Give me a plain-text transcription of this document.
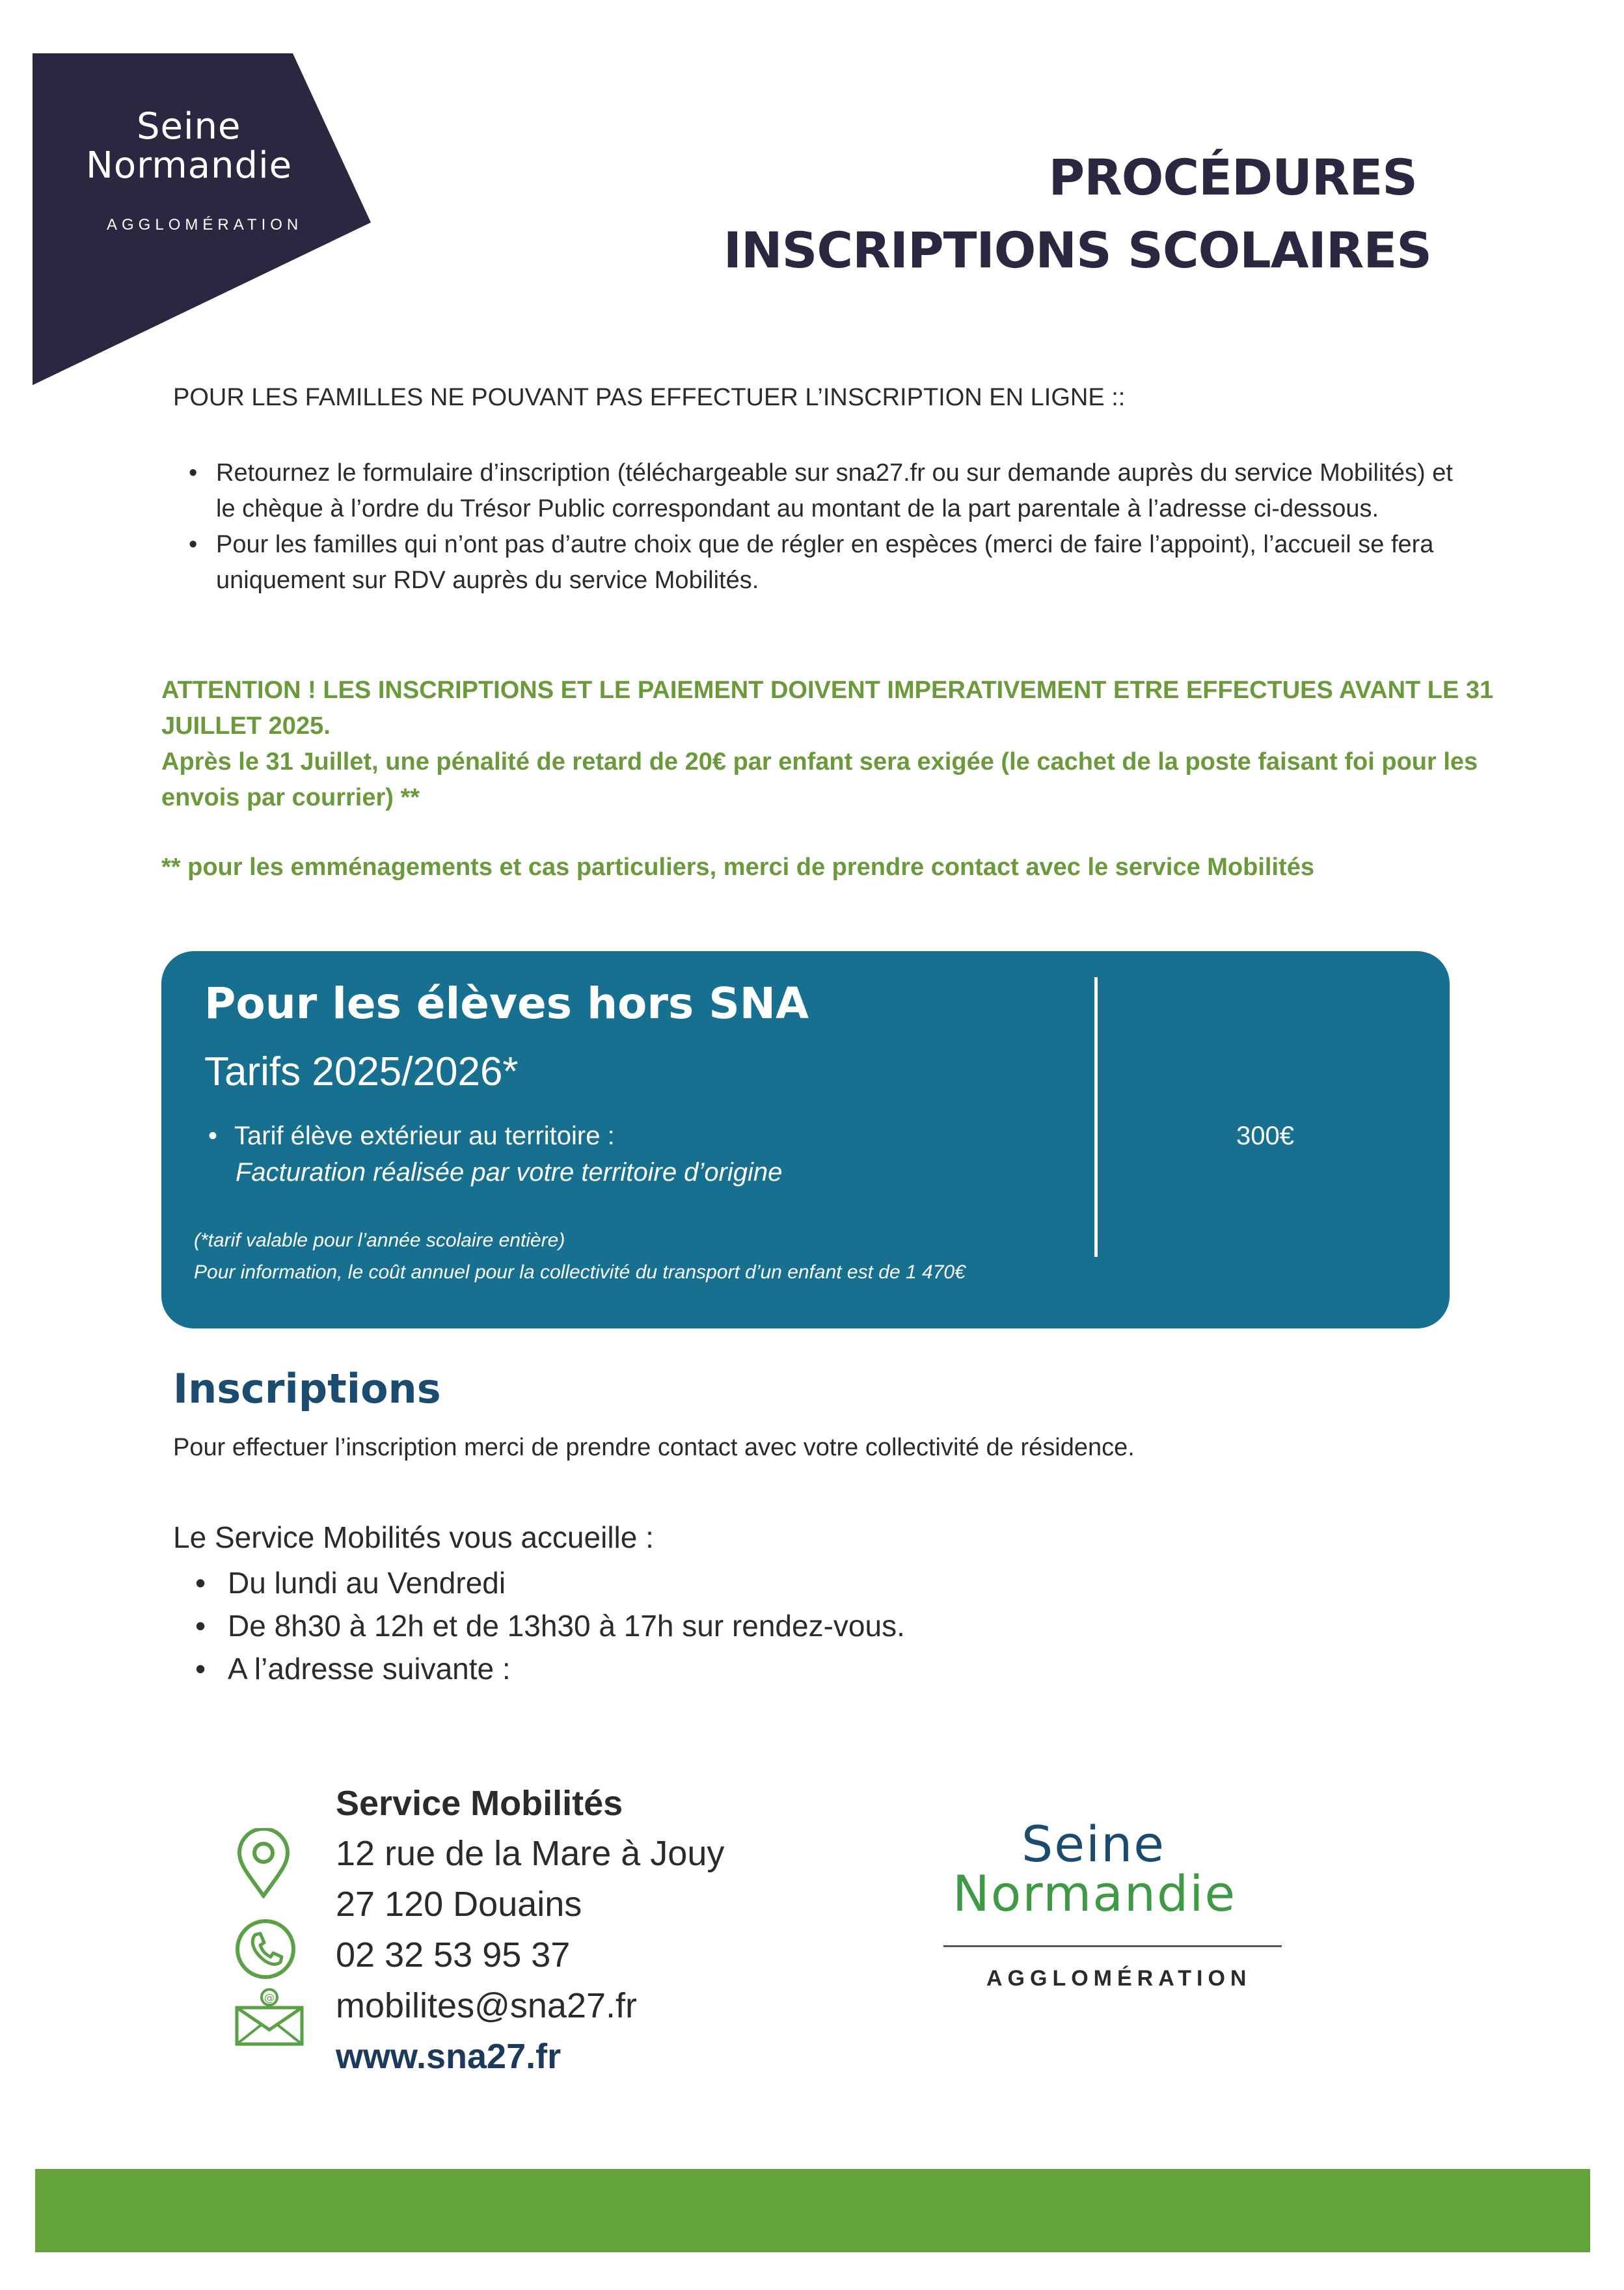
Seine
Normandie
AGGLOMÉRATION
PROCÉDURES
INSCRIPTIONS SCOLAIRES
POUR LES FAMILLES NE POUVANT PAS EFFECTUER L’INSCRIPTION EN LIGNE ::
• Retournez le formulaire d’inscription (téléchargeable sur sna27.fr ou sur demande auprès du service Mobilités) et le chèque à l’ordre du Trésor Public correspondant au montant de la part parentale à l’adresse ci-dessous.
• Pour les familles qui n’ont pas d’autre choix que de régler en espèces (merci de faire l’appoint), l’accueil se fera uniquement sur RDV auprès du service Mobilités.
ATTENTION ! LES INSCRIPTIONS ET LE PAIEMENT DOIVENT IMPERATIVEMENT ETRE EFFECTUES AVANT LE 31 JUILLET 2025.
Après le 31 Juillet, une pénalité de retard de 20€ par enfant sera exigée (le cachet de la poste faisant foi pour les envois par courrier) **
** pour les emménagements et cas particuliers, merci de prendre contact avec le service Mobilités
Pour les élèves hors SNA
Tarifs 2025/2026*
• Tarif élève extérieur au territoire :
Facturation réalisée par votre territoire d’origine
300€
(*tarif valable pour l’année scolaire entière)
Pour information, le coût annuel pour la collectivité du transport d’un enfant est de 1 470€
Inscriptions
Pour effectuer l’inscription merci de prendre contact avec votre collectivité de résidence.
Le Service Mobilités vous accueille :
• Du lundi au Vendredi
• De 8h30 à 12h et de 13h30 à 17h sur rendez-vous.
• A l’adresse suivante :
@
Service Mobilités
12 rue de la Mare à Jouy
27 120 Douains
02 32 53 95 37
mobilites@sna27.fr
www.sna27.fr
Seine
Normandie
AGGLOMÉRATION
